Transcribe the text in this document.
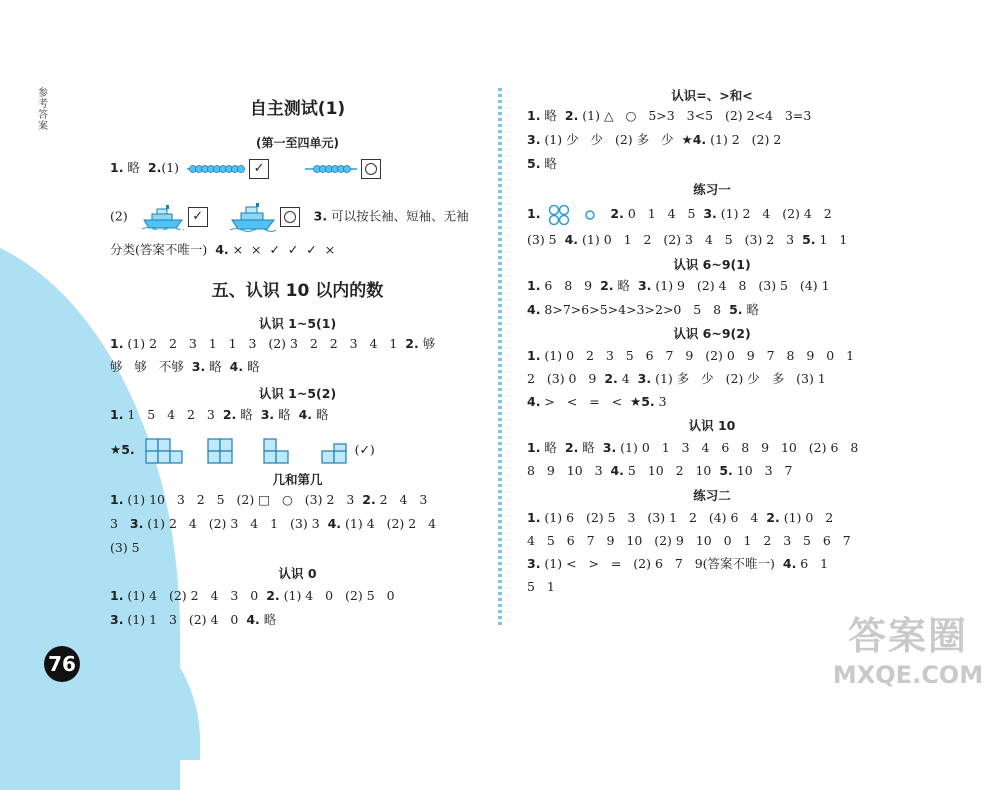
参考答案
76
答案圈
MXQE.COM
自主测试(1)
(第一至四单元)
1. 略  2.(1)	✓
(2)	✓	3. 可以按长袖、短袖、无袖
分类(答案不唯一)  4. ×  ×  ✓  ✓  ✓  ×
五、认识 10 以内的数
认识 1~5(1)
1. (1) 2   2   3   1   1   3   (2) 3   2   2   3   4   1  2. 够
够   够   不够  3. 略  4. 略
认识 1~5(2)
1. 1   5   4   2   3  2. 略  3. 略  4. 略
★5.	(✓)
几和第几
1. (1) 10   3   2   5   (2) □   ○   (3) 2   3  2. 2   4   3
3   3. (1) 2   4   (2) 3   4   1   (3) 3  4. (1) 4   (2) 2   4
(3) 5
认识 0
1. (1) 4   (2) 2   4   3   0  2. (1) 4   0   (2) 5   0
3. (1) 1   3   (2) 4   0  4. 略
认识=、>和<
1. 略  2. (1) △   ○   5>3   3<5   (2) 2<4   3=3
3. (1) 少   少   (2) 多   少  ★4. (1) 2   (2) 2
5. 略
练习一
1.	2. 0   1   4   5  3. (1) 2   4   (2) 4   2
(3) 5  4. (1) 0   1   2   (2) 3   4   5   (3) 2   3  5. 1   1
认识 6~9(1)
1. 6   8   9  2. 略  3. (1) 9   (2) 4   8   (3) 5   (4) 1
4. 8>7>6>5>4>3>2>0   5   8  5. 略
认识 6~9(2)
1. (1) 0   2   3   5   6   7   9   (2) 0   9   7   8   9   0   1
2   (3) 0   9  2. 4  3. (1) 多   少   (2) 少   多   (3) 1
4. >   <   =   <  ★5. 3
认识 10
1. 略  2. 略  3. (1) 0   1   3   4   6   8   9   10   (2) 6   8
8   9   10   3  4. 5   10   2   10  5. 10   3   7
练习二
1. (1) 6   (2) 5   3   (3) 1   2   (4) 6   4  2. (1) 0   2
4   5   6   7   9   10   (2) 9   10   0   1   2   3   5   6   7
3. (1) <   >   =   (2) 6   7   9(答案不唯一)  4. 6   1
5   1
